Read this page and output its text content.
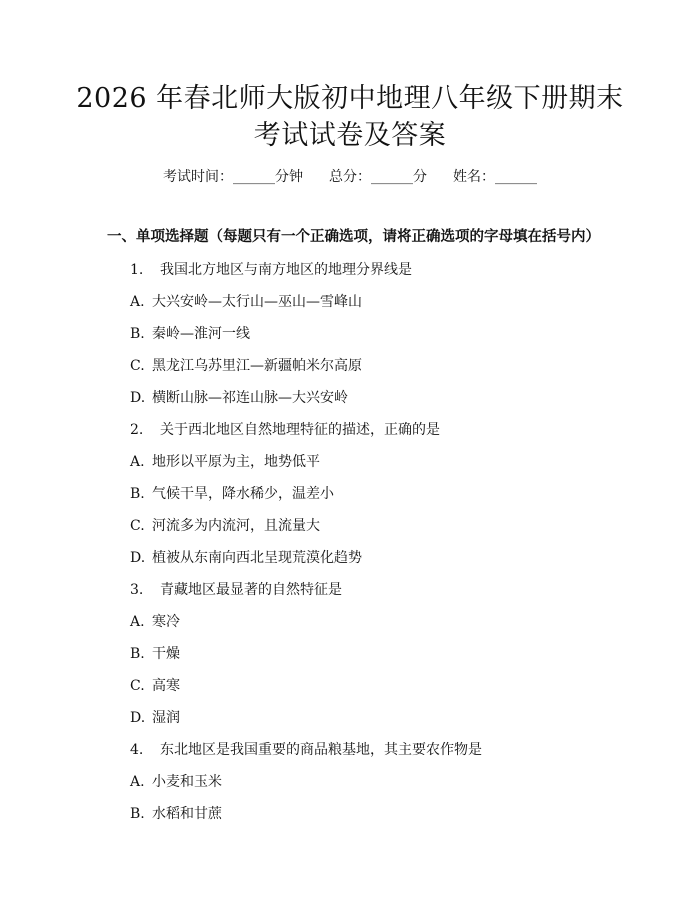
2026 年春北师大版初中地理八年级下册期末
考试试卷及答案
考试时间：______分钟 总分：______分 姓名：______
一、单项选择题（每题只有一个正确选项，请将正确选项的字母填在括号内）
1. 我国北方地区与南方地区的地理分界线是
A. 大兴安岭—太行山—巫山—雪峰山
B. 秦岭—淮河一线
C. 黑龙江乌苏里江—新疆帕米尔高原
D. 横断山脉—祁连山脉—大兴安岭
2. 关于西北地区自然地理特征的描述，正确的是
A. 地形以平原为主，地势低平
B. 气候干旱，降水稀少，温差小
C. 河流多为内流河，且流量大
D. 植被从东南向西北呈现荒漠化趋势
3. 青藏地区最显著的自然特征是
A. 寒冷
B. 干燥
C. 高寒
D. 湿润
4. 东北地区是我国重要的商品粮基地，其主要农作物是
A. 小麦和玉米
B. 水稻和甘蔗
